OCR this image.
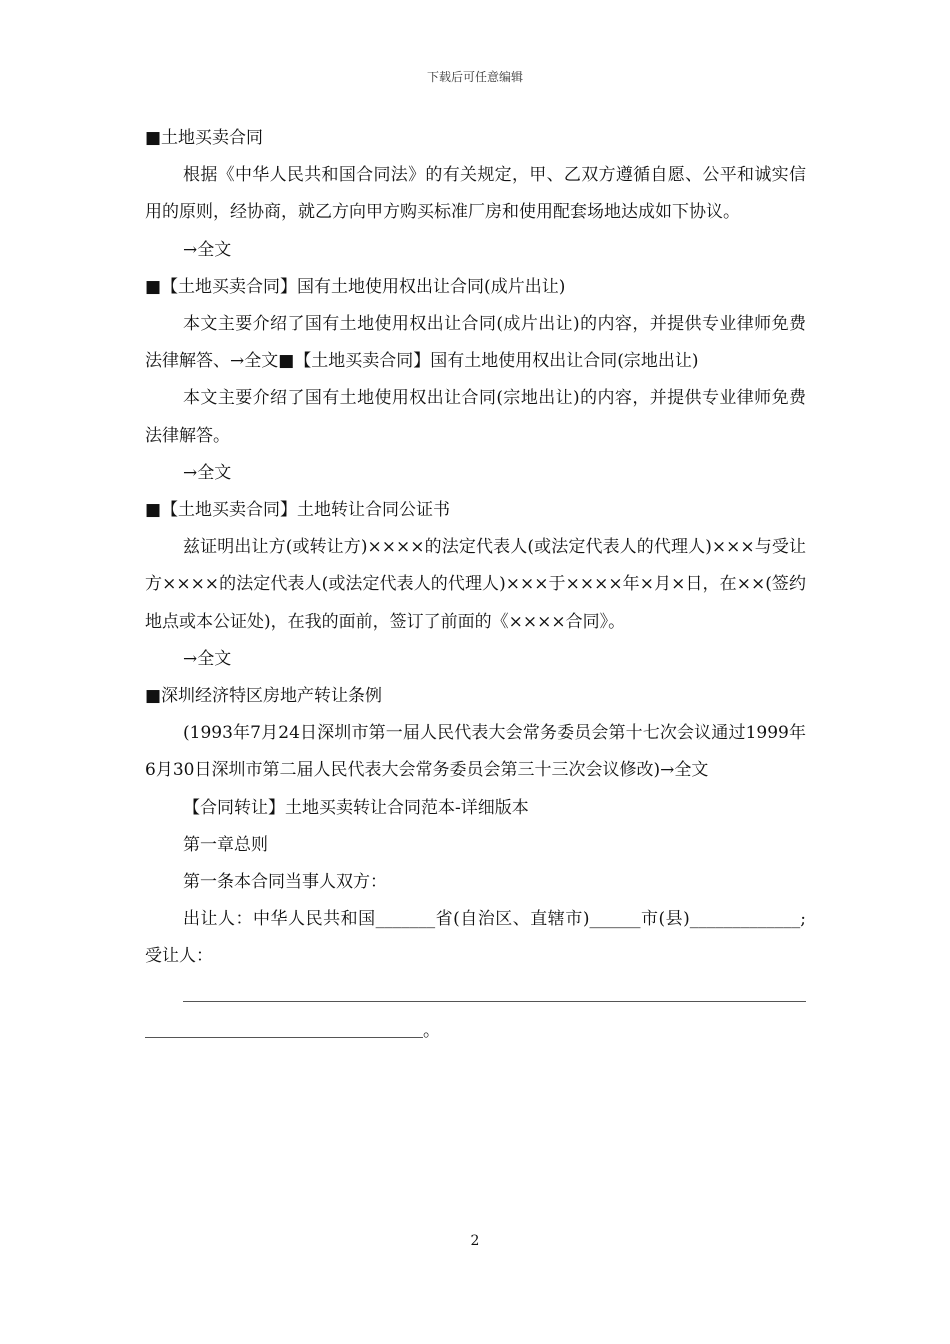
下载后可任意编辑

■土地买卖合同

根据《中华人民共和国合同法》的有关规定，甲、乙双方遵循自愿、公平和诚实信用的原则，经协商，就乙方向甲方购买标准厂房和使用配套场地达成如下协议。

→全文

■【土地买卖合同】国有土地使用权出让合同(成片出让)

本文主要介绍了国有土地使用权出让合同(成片出让)的内容，并提供专业律师免费法律解答、→全文■【土地买卖合同】国有土地使用权出让合同(宗地出让)

本文主要介绍了国有土地使用权出让合同(宗地出让)的内容，并提供专业律师免费法律解答。

→全文

■【土地买卖合同】土地转让合同公证书

兹证明出让方(或转让方)××××的法定代表人(或法定代表人的代理人)×××与受让方××××的法定代表人(或法定代表人的代理人)×××于××××年×月×日，在××(签约地点或本公证处)，在我的面前，签订了前面的《××××合同》。

→全文

■深圳经济特区房地产转让条例

(1993年7月24日深圳市第一届人民代表大会常务委员会第十七次会议通过1999年6月30日深圳市第二届人民代表大会常务委员会第三十三次会议修改)→全文

【合同转让】土地买卖转让合同范本-详细版本

第一章总则

第一条本合同当事人双方：

出让人：中华人民共和国_______省(自治区、直辖市)______市(县)_____________;受让人：

。

2
